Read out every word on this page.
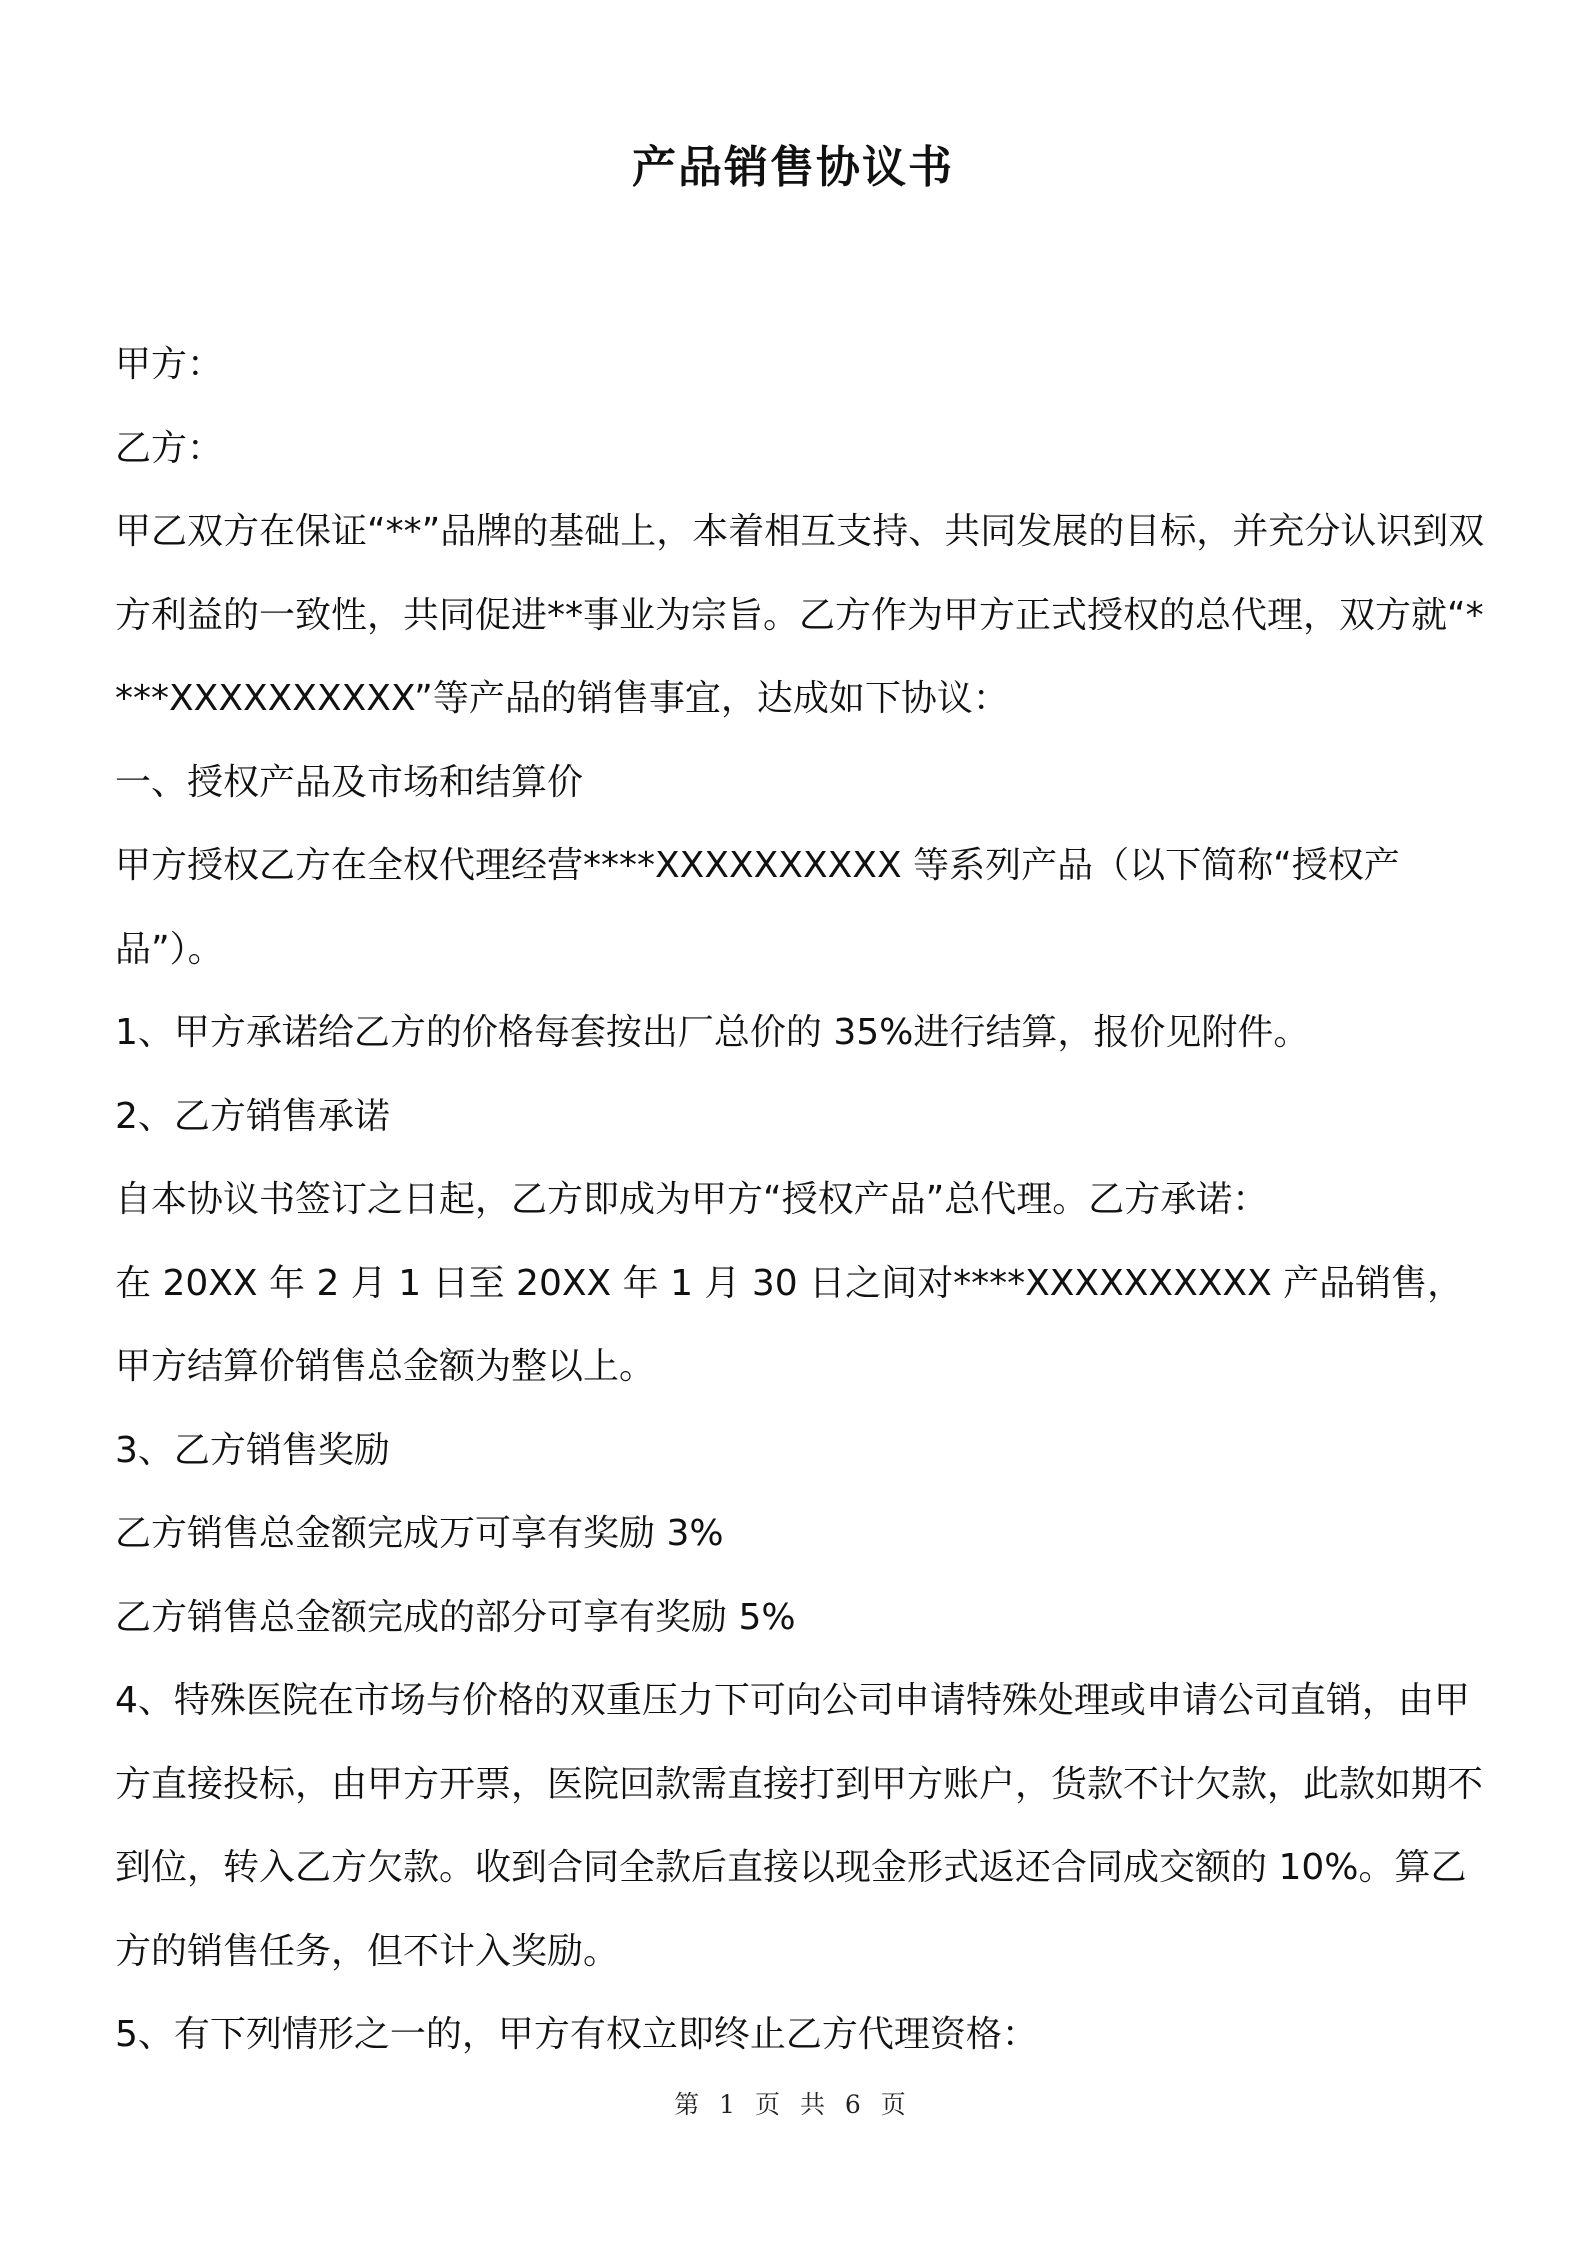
产品销售协议书

甲方：

乙方：

甲乙双方在保证“**”品牌的基础上，本着相互支持、共同发展的目标，并充分认识到双方利益的一致性，共同促进**事业为宗旨。乙方作为甲方正式授权的总代理，双方就“****XXXXXXXXXX”等产品的销售事宜，达成如下协议：

一、授权产品及市场和结算价

甲方授权乙方在全权代理经营****XXXXXXXXXX 等系列产品（以下简称“授权产品”）。

1、甲方承诺给乙方的价格每套按出厂总价的 35%进行结算，报价见附件。

2、乙方销售承诺

自本协议书签订之日起，乙方即成为甲方“授权产品”总代理。乙方承诺：

在 20XX 年 2 月 1 日至 20XX 年 1 月 30 日之间对****XXXXXXXXXX 产品销售，甲方结算价销售总金额为整以上。

3、乙方销售奖励

乙方销售总金额完成万可享有奖励 3%

乙方销售总金额完成的部分可享有奖励 5%

4、特殊医院在市场与价格的双重压力下可向公司申请特殊处理或申请公司直销，由甲方直接投标，由甲方开票，医院回款需直接打到甲方账户，货款不计欠款，此款如期不到位，转入乙方欠款。收到合同全款后直接以现金形式返还合同成交额的 10%。算乙方的销售任务，但不计入奖励。

5、有下列情形之一的，甲方有权立即终止乙方代理资格：

第 1 页 共 6 页
